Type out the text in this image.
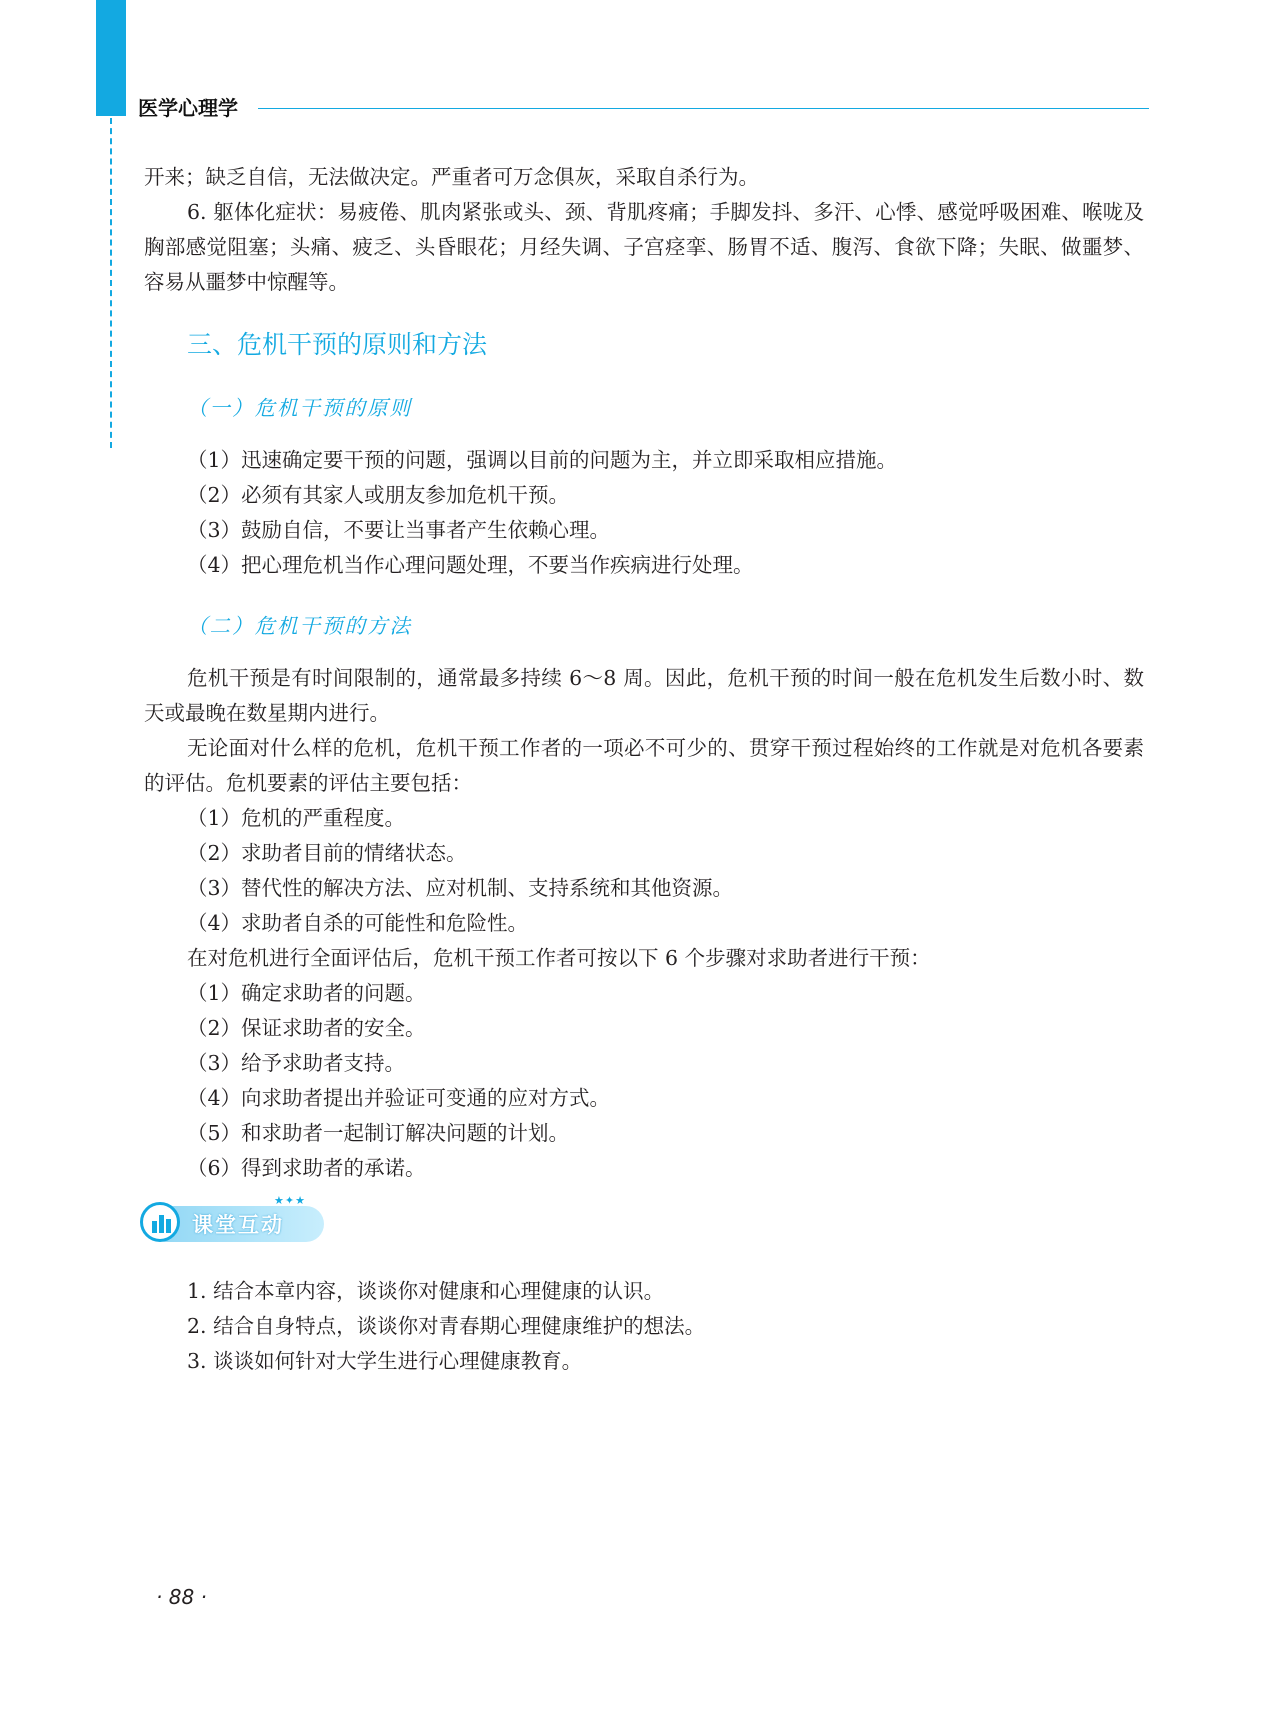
医学心理学

开来；缺乏自信，无法做决定。严重者可万念俱灰，采取自杀行为。

6. 躯体化症状：易疲倦、肌肉紧张或头、颈、背肌疼痛；手脚发抖、多汗、心悸、感觉呼吸困难、喉咙及胸部感觉阻塞；头痛、疲乏、头昏眼花；月经失调、子宫痉挛、肠胃不适、腹泻、食欲下降；失眠、做噩梦、容易从噩梦中惊醒等。

三、危机干预的原则和方法
（一）危机干预的原则

（1）迅速确定要干预的问题，强调以目前的问题为主，并立即采取相应措施。

（2）必须有其家人或朋友参加危机干预。

（3）鼓励自信，不要让当事者产生依赖心理。

（4）把心理危机当作心理问题处理，不要当作疾病进行处理。

（二）危机干预的方法

危机干预是有时间限制的，通常最多持续 6～8 周。因此，危机干预的时间一般在危机发生后数小时、数天或最晚在数星期内进行。

无论面对什么样的危机，危机干预工作者的一项必不可少的、贯穿干预过程始终的工作就是对危机各要素的评估。危机要素的评估主要包括：

（1）危机的严重程度。

（2）求助者目前的情绪状态。

（3）替代性的解决方法、应对机制、支持系统和其他资源。

（4）求助者自杀的可能性和危险性。

在对危机进行全面评估后，危机干预工作者可按以下 6 个步骤对求助者进行干预：

（1）确定求助者的问题。

（2）保证求助者的安全。

（3）给予求助者支持。

（4）向求助者提出并验证可变通的应对方式。

（5）和求助者一起制订解决问题的计划。

（6）得到求助者的承诺。

课堂互动
★✦★

1. 结合本章内容，谈谈你对健康和心理健康的认识。

2. 结合自身特点，谈谈你对青春期心理健康维护的想法。

3. 谈谈如何针对大学生进行心理健康教育。

· 88 ·
